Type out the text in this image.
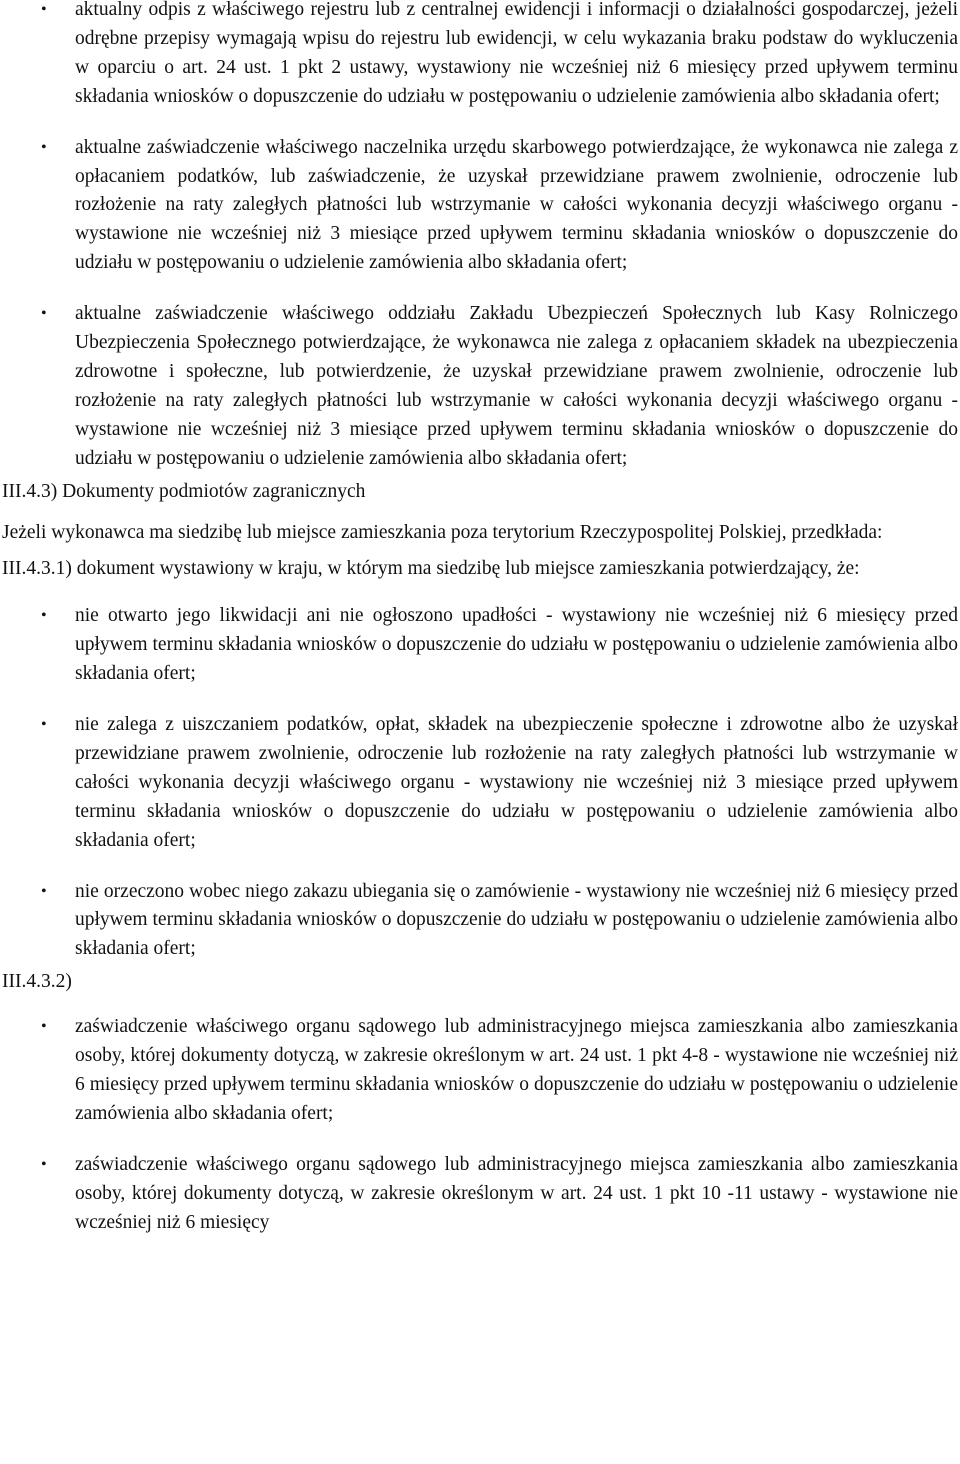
• aktualny odpis z właściwego rejestru lub z centralnej ewidencji i informacji o działalności gospodarczej, jeżeli odrębne przepisy wymagają wpisu do rejestru lub ewidencji, w celu wykazania braku podstaw do wykluczenia w oparciu o art. 24 ust. 1 pkt 2 ustawy, wystawiony nie wcześniej niż 6 miesięcy przed upływem terminu składania wniosków o dopuszczenie do udziału w postępowaniu o udzielenie zamówienia albo składania ofert;
• aktualne zaświadczenie właściwego naczelnika urzędu skarbowego potwierdzające, że wykonawca nie zalega z opłacaniem podatków, lub zaświadczenie, że uzyskał przewidziane prawem zwolnienie, odroczenie lub rozłożenie na raty zaległych płatności lub wstrzymanie w całości wykonania decyzji właściwego organu - wystawione nie wcześniej niż 3 miesiące przed upływem terminu składania wniosków o dopuszczenie do udziału w postępowaniu o udzielenie zamówienia albo składania ofert;
• aktualne zaświadczenie właściwego oddziału Zakładu Ubezpieczeń Społecznych lub Kasy Rolniczego Ubezpieczenia Społecznego potwierdzające, że wykonawca nie zalega z opłacaniem składek na ubezpieczenia zdrowotne i społeczne, lub potwierdzenie, że uzyskał przewidziane prawem zwolnienie, odroczenie lub rozłożenie na raty zaległych płatności lub wstrzymanie w całości wykonania decyzji właściwego organu - wystawione nie wcześniej niż 3 miesiące przed upływem terminu składania wniosków o dopuszczenie do udziału w postępowaniu o udzielenie zamówienia albo składania ofert;

III.4.3) Dokumenty podmiotów zagranicznych

Jeżeli wykonawca ma siedzibę lub miejsce zamieszkania poza terytorium Rzeczypospolitej Polskiej, przedkłada:

III.4.3.1) dokument wystawiony w kraju, w którym ma siedzibę lub miejsce zamieszkania potwierdzający, że:

• nie otwarto jego likwidacji ani nie ogłoszono upadłości - wystawiony nie wcześniej niż 6 miesięcy przed upływem terminu składania wniosków o dopuszczenie do udziału w postępowaniu o udzielenie zamówienia albo składania ofert;
• nie zalega z uiszczaniem podatków, opłat, składek na ubezpieczenie społeczne i zdrowotne albo że uzyskał przewidziane prawem zwolnienie, odroczenie lub rozłożenie na raty zaległych płatności lub wstrzymanie w całości wykonania decyzji właściwego organu - wystawiony nie wcześniej niż 3 miesiące przed upływem terminu składania wniosków o dopuszczenie do udziału w postępowaniu o udzielenie zamówienia albo składania ofert;
• nie orzeczono wobec niego zakazu ubiegania się o zamówienie - wystawiony nie wcześniej niż 6 miesięcy przed upływem terminu składania wniosków o dopuszczenie do udziału w postępowaniu o udzielenie zamówienia albo składania ofert;

III.4.3.2)

• zaświadczenie właściwego organu sądowego lub administracyjnego miejsca zamieszkania albo zamieszkania osoby, której dokumenty dotyczą, w zakresie określonym w art. 24 ust. 1 pkt 4-8 - wystawione nie wcześniej niż 6 miesięcy przed upływem terminu składania wniosków o dopuszczenie do udziału w postępowaniu o udzielenie zamówienia albo składania ofert;
• zaświadczenie właściwego organu sądowego lub administracyjnego miejsca zamieszkania albo zamieszkania osoby, której dokumenty dotyczą, w zakresie określonym w art. 24 ust. 1 pkt 10 -11 ustawy - wystawione nie wcześniej niż 6 miesięcy
